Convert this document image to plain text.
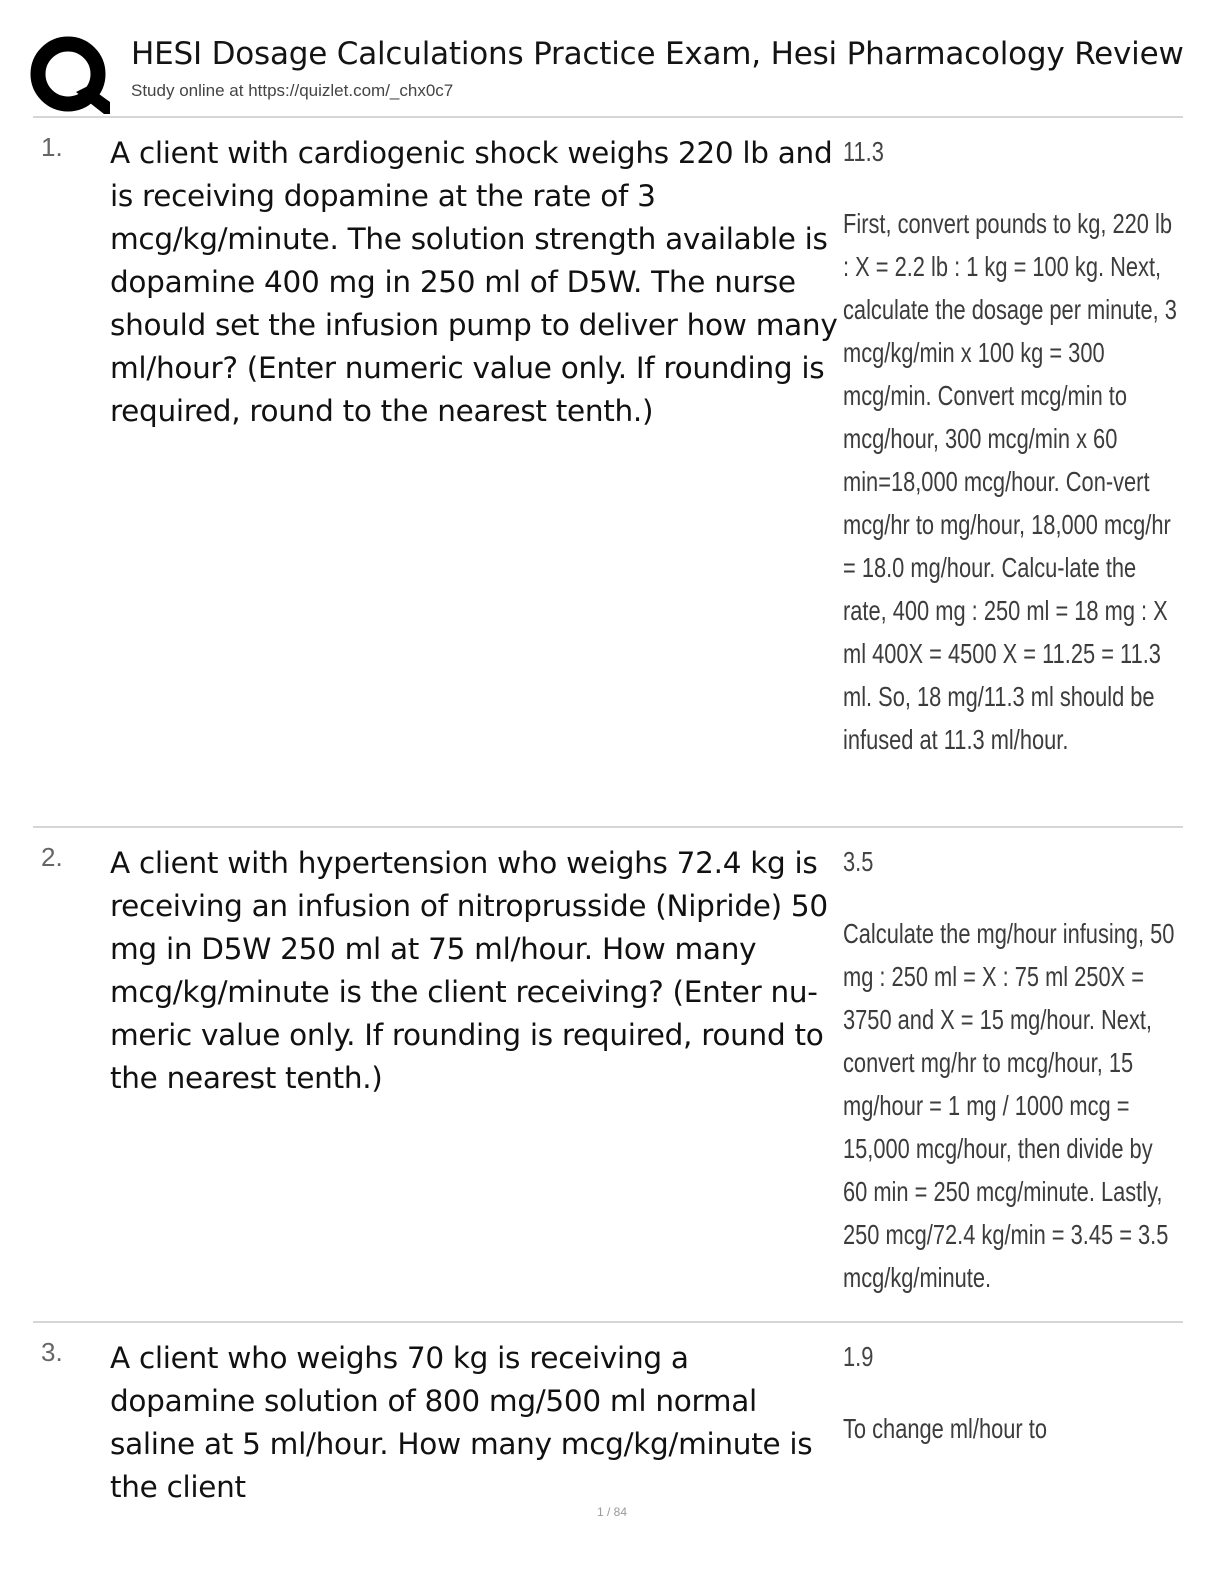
HESI Dosage Calculations Practice Exam, Hesi Pharmacology Review
Study online at https://quizlet.com/_chx0c7
1. A client with cardiogenic shock weighs 220 lb and is receiving dopamine at the rate of 3 mcg/kg/minute. The solution strength available is dopamine 400 mg in 250 ml of D5W. The nurse should set the infusion pump to deliver how many ml/hour? (Enter numeric value only. If rounding is required, round to the nearest tenth.)
11.3
First, convert pounds to kg, 220 lb : X = 2.2 lb : 1 kg = 100 kg. Next, calculate the dosage per minute, 3 mcg/kg/min x 100 kg = 300 mcg/min. Convert mcg/min to mcg/hour, 300 mcg/min x 60 min=18,000 mcg/hour. Con-vert mcg/hr to mg/hour, 18,000 mcg/hr = 18.0 mg/hour. Calcu-late the rate, 400 mg : 250 ml = 18 mg : X ml 400X = 4500 X = 11.25 = 11.3 ml. So, 18 mg/11.3 ml should be infused at 11.3 ml/hour.
2. A client with hypertension who weighs 72.4 kg is receiving an infusion of nitroprusside (Nipride) 50 mg in D5W 250 ml at 75 ml/hour. How many mcg/kg/minute is the client receiving? (Enter nu-meric value only. If rounding is required, round to the nearest tenth.)
3.5
Calculate the mg/hour infusing, 50 mg : 250 ml = X : 75 ml 250X = 3750 and X = 15 mg/hour. Next, convert mg/hr to mcg/hour, 15 mg/hour = 1 mg / 1000 mcg = 15,000 mcg/hour, then divide by 60 min = 250 mcg/minute. Lastly, 250 mcg/72.4 kg/min = 3.45 = 3.5 mcg/kg/minute.
3. A client who weighs 70 kg is receiving a dopamine solution of 800 mg/500 ml normal saline at 5 ml/hour. How many mcg/kg/minute is the client
1.9
To change ml/hour to
1 / 84
